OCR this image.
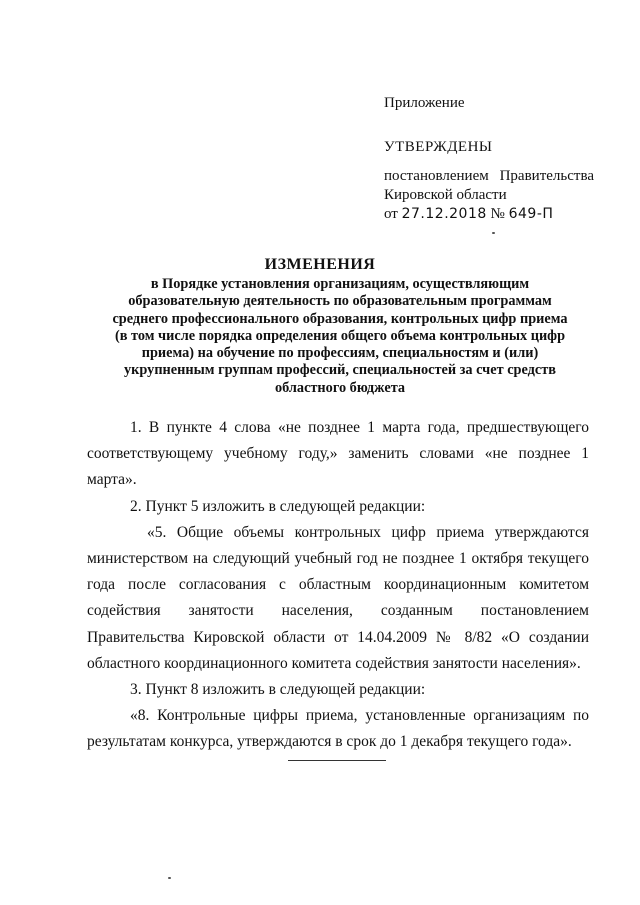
Приложение
УТВЕРЖДЕНЫ
постановлением Правительства
Кировской области
от 27.12.2018 № 649-П
ИЗМЕНЕНИЯ
в Порядке установления организациям, осуществляющим образовательную деятельность по образовательным программам среднего профессионального образования, контрольных цифр приема (в том числе порядка определения общего объема контрольных цифр приема) на обучение по профессиям, специальностям и (или) укрупненным группам профессий, специальностей за счет средств областного бюджета

1. В пункте 4 слова «не позднее 1 марта года, предшествующего соответствующему учебному году,» заменить словами «не позднее 1 марта».

2. Пункт 5 изложить в следующей редакции:

«5. Общие объемы контрольных цифр приема утверждаются министерством на следующий учебный год не позднее 1 октября текущего года после согласования с областным координационным комитетом содействия занятости населения, созданным постановлением Правительства Кировской области от 14.04.2009 № 8/82 «О создании областного координационного комитета содействия занятости населения».

3. Пункт 8 изложить в следующей редакции:

«8. Контрольные цифры приема, установленные организациям по результатам конкурса, утверждаются в срок до 1 декабря текущего года».
